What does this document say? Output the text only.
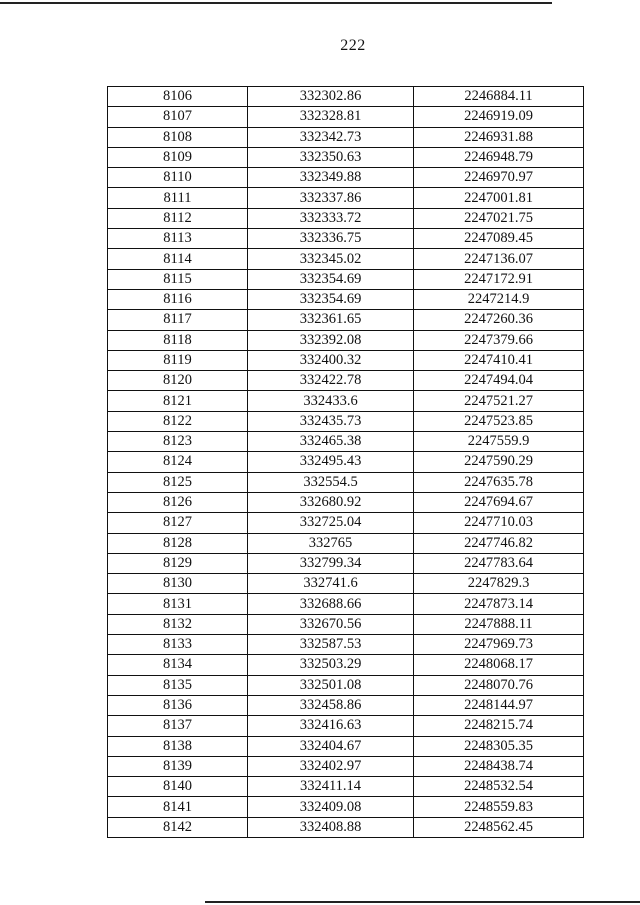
222
8106	332302.86	2246884.11
8107	332328.81	2246919.09
8108	332342.73	2246931.88
8109	332350.63	2246948.79
8110	332349.88	2246970.97
8111	332337.86	2247001.81
8112	332333.72	2247021.75
8113	332336.75	2247089.45
8114	332345.02	2247136.07
8115	332354.69	2247172.91
8116	332354.69	2247214.9
8117	332361.65	2247260.36
8118	332392.08	2247379.66
8119	332400.32	2247410.41
8120	332422.78	2247494.04
8121	332433.6	2247521.27
8122	332435.73	2247523.85
8123	332465.38	2247559.9
8124	332495.43	2247590.29
8125	332554.5	2247635.78
8126	332680.92	2247694.67
8127	332725.04	2247710.03
8128	332765	2247746.82
8129	332799.34	2247783.64
8130	332741.6	2247829.3
8131	332688.66	2247873.14
8132	332670.56	2247888.11
8133	332587.53	2247969.73
8134	332503.29	2248068.17
8135	332501.08	2248070.76
8136	332458.86	2248144.97
8137	332416.63	2248215.74
8138	332404.67	2248305.35
8139	332402.97	2248438.74
8140	332411.14	2248532.54
8141	332409.08	2248559.83
8142	332408.88	2248562.45
